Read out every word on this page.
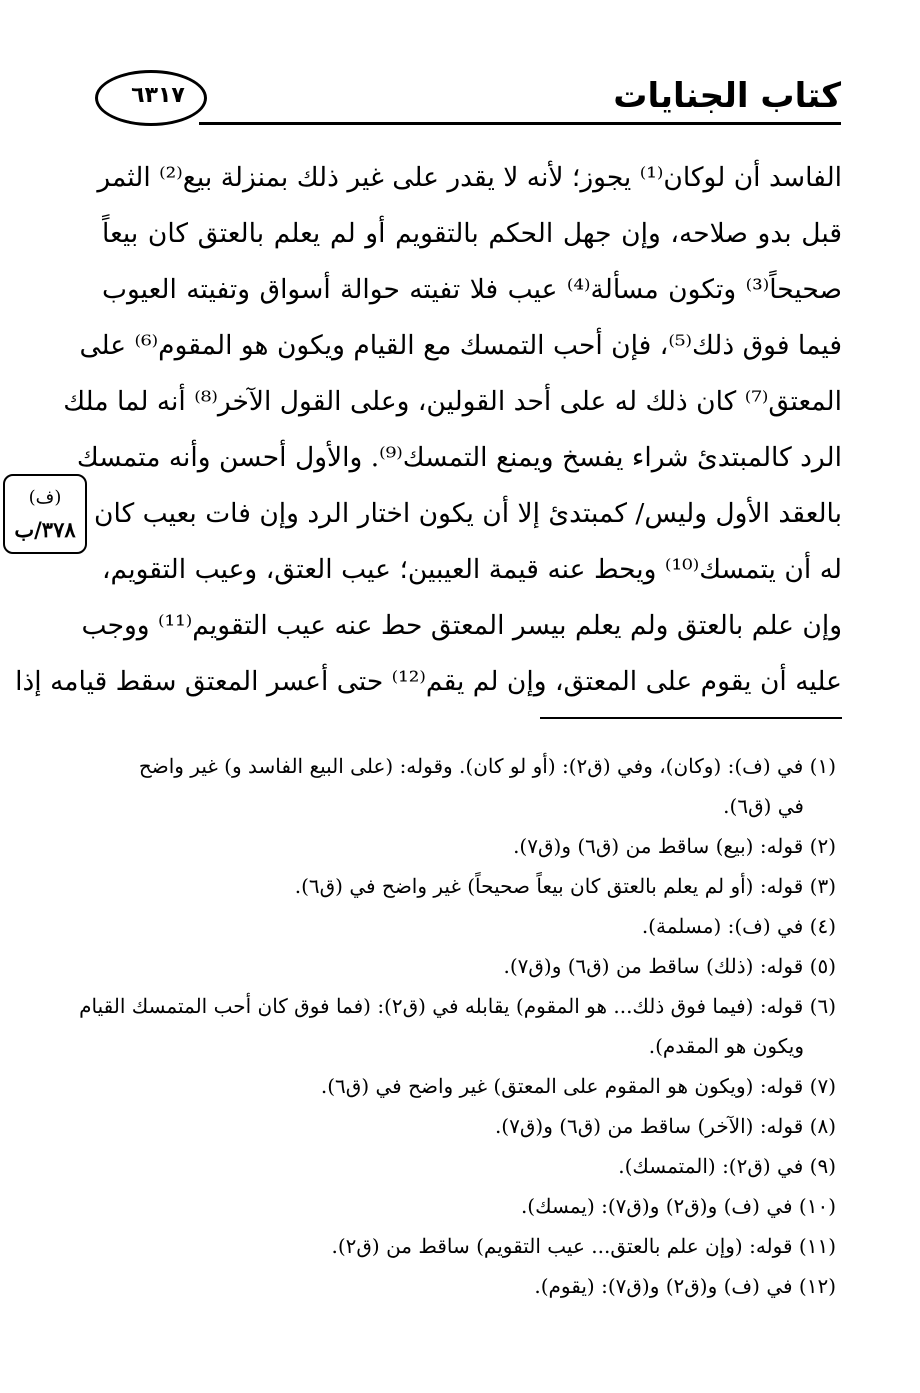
كتاب الجنايات
٦٣١٧
الفاسد أن لوكان⁽¹⁾ يجوز؛ لأنه لا يقدر على غير ذلك بمنزلة بيع⁽²⁾ الثمر
قبل بدو صلاحه، وإن جهل الحكم بالتقويم أو لم يعلم بالعتق كان بيعاً
صحيحاً⁽³⁾ وتكون مسألة⁽⁴⁾ عيب فلا تفيته حوالة أسواق وتفيته العيوب
فيما فوق ذلك⁽⁵⁾، فإن أحب التمسك مع القيام ويكون هو المقوم⁽⁶⁾ على
المعتق⁽⁷⁾ كان ذلك له على أحد القولين، وعلى القول الآخر⁽⁸⁾ أنه لما ملك
الرد كالمبتدئ شراء يفسخ ويمنع التمسك⁽⁹⁾. والأول أحسن وأنه متمسك
بالعقد الأول وليس/ كمبتدئ إلا أن يكون اختار الرد وإن فات بعيب كان
له أن يتمسك⁽¹⁰⁾ ويحط عنه قيمة العيبين؛ عيب العتق، وعيب التقويم،
وإن علم بالعتق ولم يعلم بيسر المعتق حط عنه عيب التقويم⁽¹¹⁾ ووجب
عليه أن يقوم على المعتق، وإن لم يقم⁽¹²⁾ حتى أعسر المعتق سقط قيامه إذا
(ف)
٣٧٨/ب
(١) في (ف): (وكان)، وفي (ق٢): (أو لو كان). وقوله: (على البيع الفاسد و) غير واضح
في (ق٦).
(٢) قوله: (بيع) ساقط من (ق٦) و(ق٧).
(٣) قوله: (أو لم يعلم بالعتق كان بيعاً صحيحاً) غير واضح في (ق٦).
(٤) في (ف): (مسلمة).
(٥) قوله: (ذلك) ساقط من (ق٦) و(ق٧).
(٦) قوله: (فيما فوق ذلك... هو المقوم) يقابله في (ق٢): (فما فوق كان أحب المتمسك القيام
ويكون هو المقدم).
(٧) قوله: (ويكون هو المقوم على المعتق) غير واضح في (ق٦).
(٨) قوله: (الآخر) ساقط من (ق٦) و(ق٧).
(٩) في (ق٢): (المتمسك).
(١٠) في (ف) و(ق٢) و(ق٧): (يمسك).
(١١) قوله: (وإن علم بالعتق... عيب التقويم) ساقط من (ق٢).
(١٢) في (ف) و(ق٢) و(ق٧): (يقوم).
